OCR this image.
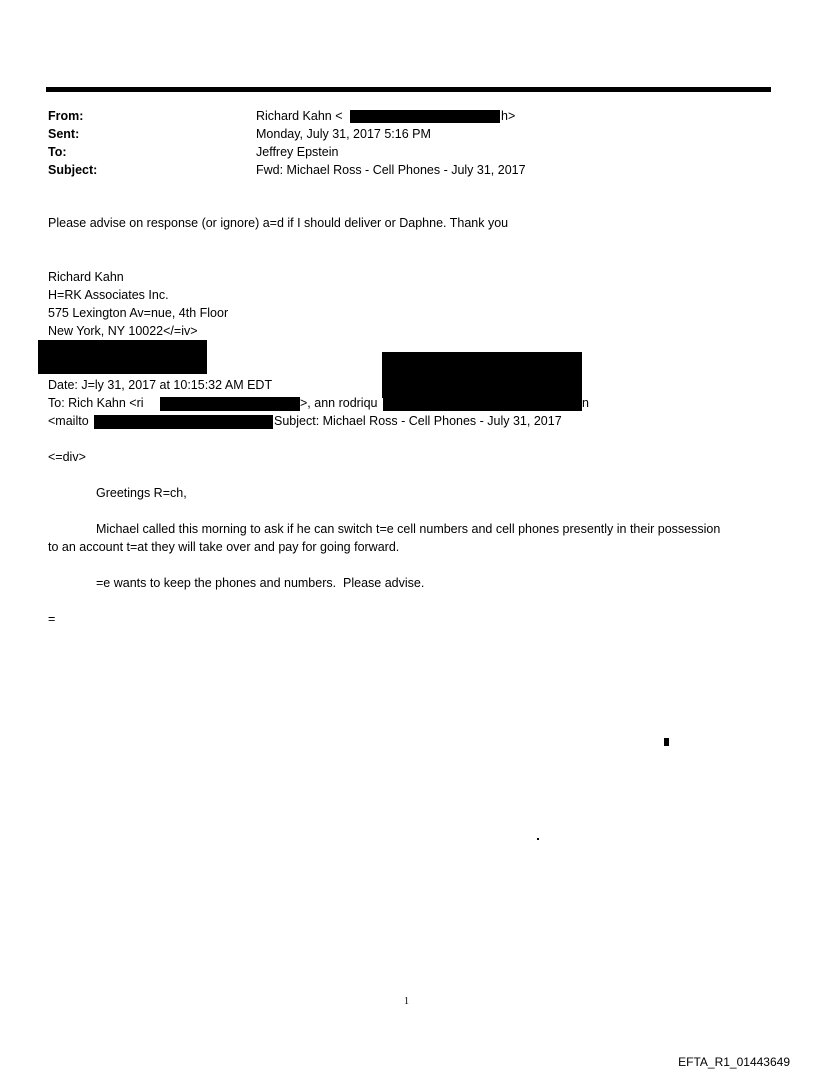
From:	Richard Kahn <	h>
Sent:	Monday, July 31, 2017 5:16 PM
To:	Jeffrey Epstein
Subject:	Fwd: Michael Ross - Cell Phones - July 31, 2017
Please advise on response (or ignore) a=d if I should deliver or Daphne. Thank you
Richard Kahn
H=RK Associates Inc.
575 Lexington Av=nue, 4th Floor
New York, NY 10022</=iv>
Date: J=ly 31, 2017 at 10:15:32 AM EDT
To: Rich Kahn <ri	>, ann rodriqu	n
<mailto	Subject: Michael Ross - Cell Phones - July 31, 2017
<=div>
Greetings R=ch,
Michael called this morning to ask if he can switch t=e cell numbers and cell phones presently in their possession
to an account t=at they will take over and pay for going forward.
=e wants to keep the phones and numbers.  Please advise.
=
1
EFTA_R1_01443649
